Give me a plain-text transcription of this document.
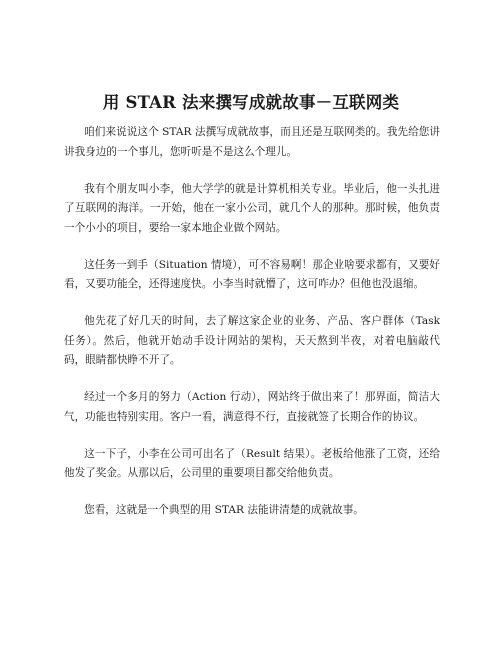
用 STAR 法来撰写成就故事－互联网类

咱们来说说这个 STAR 法撰写成就故事，而且还是互联网类的。我先给您讲讲我身边的一个事儿，您听听是不是这么个理儿。

我有个朋友叫小李，他大学学的就是计算机相关专业。毕业后，他一头扎进了互联网的海洋。一开始，他在一家小公司，就几个人的那种。那时候，他负责一个小小的项目，要给一家本地企业做个网站。

这任务一到手（Situation 情境），可不容易啊！那企业啥要求都有，又要好看，又要功能全，还得速度快。小李当时就懵了，这可咋办？但他也没退缩。

他先花了好几天的时间，去了解这家企业的业务、产品、客户群体（Task 任务）。然后，他就开始动手设计网站的架构，天天熬到半夜，对着电脑敲代码，眼睛都快睁不开了。

经过一个多月的努力（Action 行动），网站终于做出来了！那界面，简洁大气，功能也特别实用。客户一看，满意得不行，直接就签了长期合作的协议。

这一下子，小李在公司可出名了（Result 结果）。老板给他涨了工资，还给他发了奖金。从那以后，公司里的重要项目都交给他负责。

您看，这就是一个典型的用 STAR 法能讲清楚的成就故事。
